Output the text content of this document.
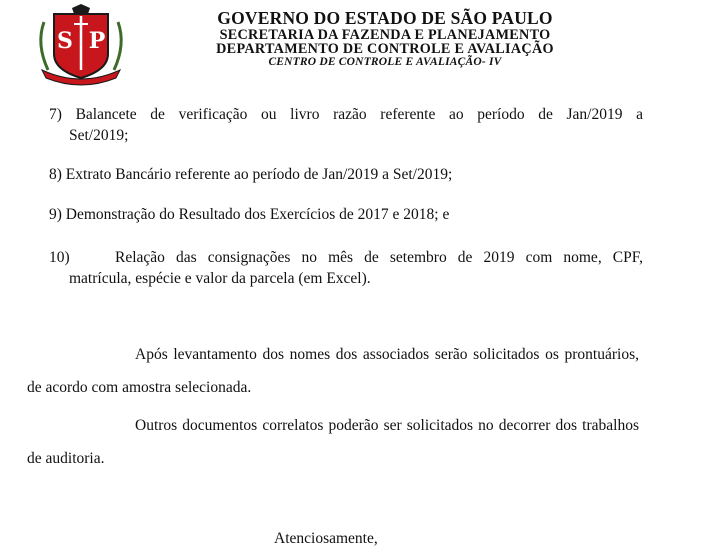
S P
GOVERNO DO ESTADO DE SÃO PAULO
SECRETARIA DA FAZENDA E PLANEJAMENTO
DEPARTAMENTO DE CONTROLE E AVALIAÇÃO
CENTRO DE CONTROLE E AVALIAÇÃO- IV
7) Balancete de verificação ou livro razão referente ao período de Jan/2019 a
Set/2019;
8) Extrato Bancário referente ao período de Jan/2019 a Set/2019;
9) Demonstração do Resultado dos Exercícios de 2017 e 2018; e
10)	Relação das consignações no mês de setembro de 2019 com nome, CPF,
matrícula, espécie e valor da parcela (em Excel).
Após levantamento dos nomes dos associados serão solicitados os prontuários, de acordo com amostra selecionada.
Outros documentos correlatos poderão ser solicitados no decorrer dos trabalhos de auditoria.
Atenciosamente,
